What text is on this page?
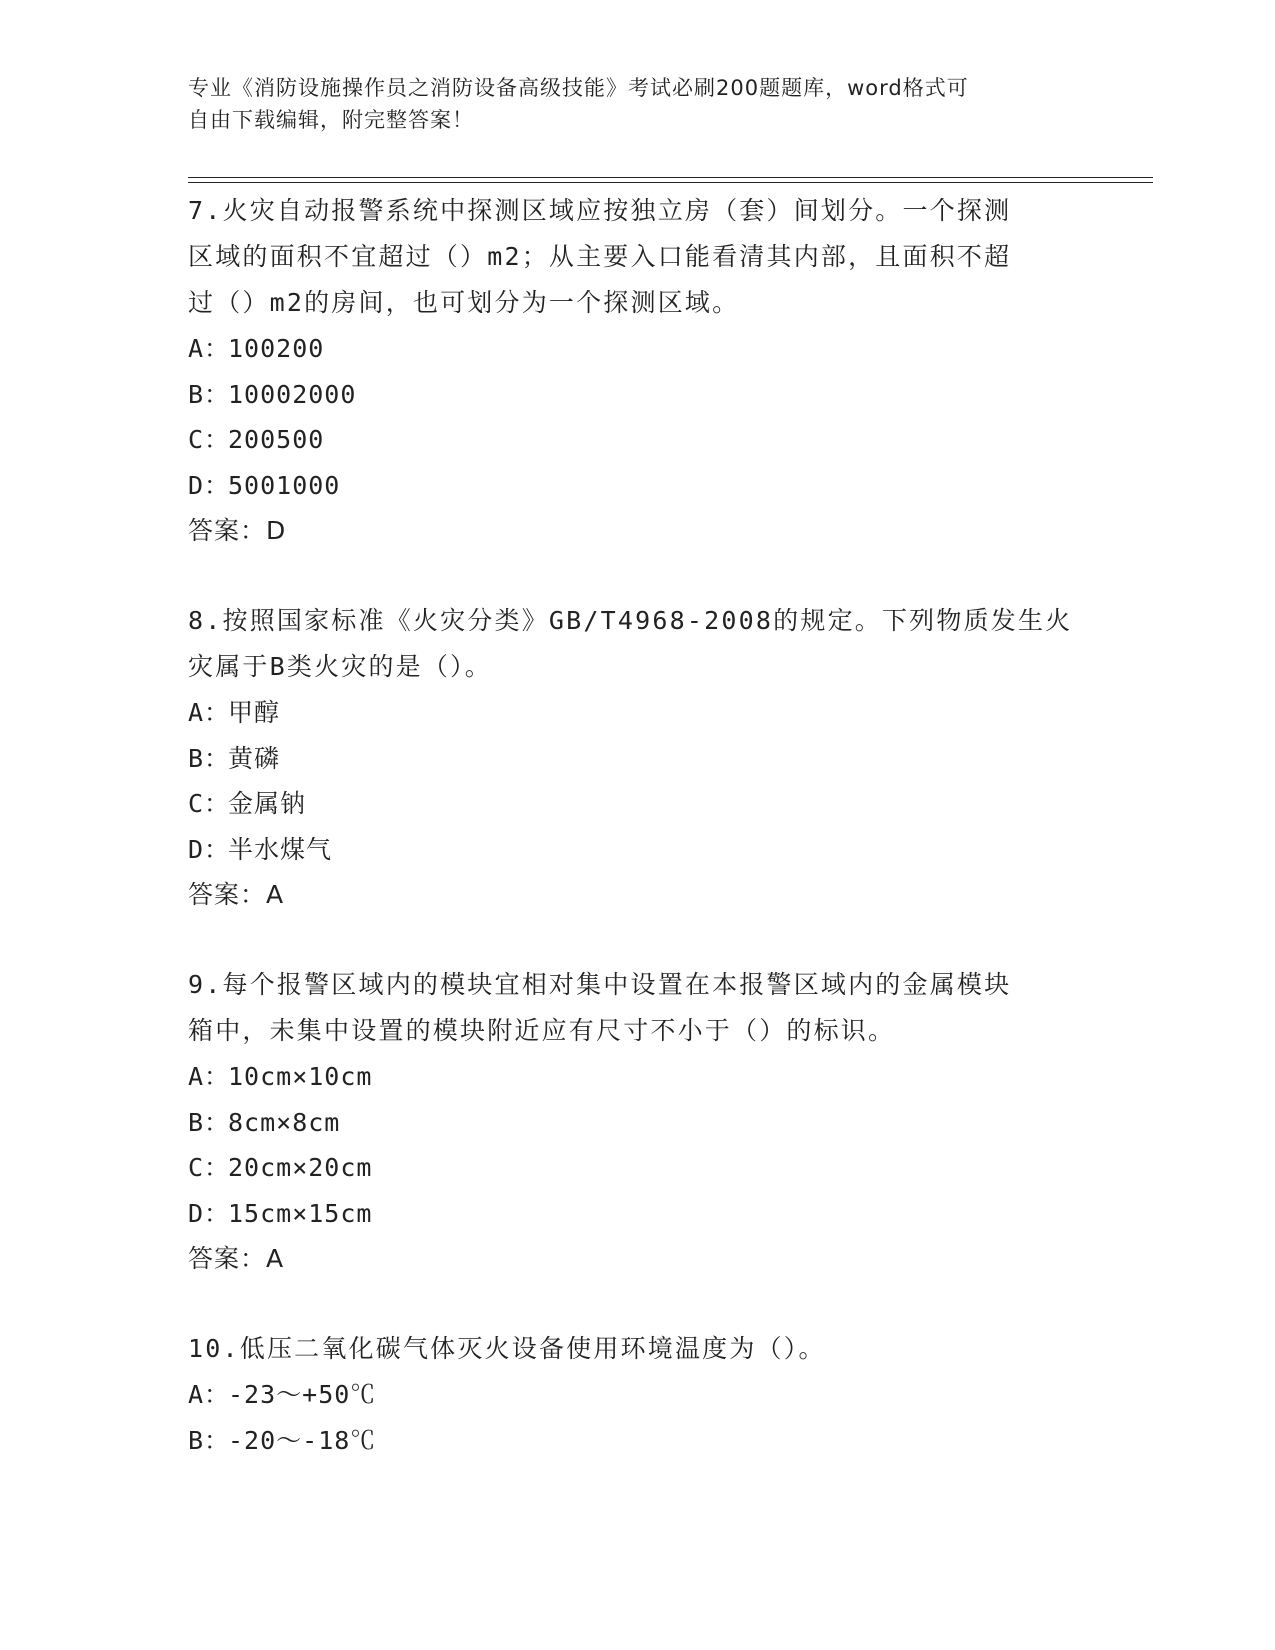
专业《消防设施操作员之消防设备高级技能》考试必刷200题题库，word格式可
自由下载编辑，附完整答案！
7.火灾自动报警系统中探测区域应按独立房（套）间划分。一个探测
区域的面积不宜超过（）m2；从主要入口能看清其内部，且面积不超
过（）m2的房间，也可划分为一个探测区域。
A：100200
B：10002000
C：200500
D：5001000
答案：D
8.按照国家标准《火灾分类》GB/T4968-2008的规定。下列物质发生火
灾属于B类火灾的是（）。
A：甲醇
B：黄磷
C：金属钠
D：半水煤气
答案：A
9.每个报警区域内的模块宜相对集中设置在本报警区域内的金属模块
箱中，未集中设置的模块附近应有尺寸不小于（）的标识。
A：10cm×10cm
B：8cm×8cm
C：20cm×20cm
D：15cm×15cm
答案：A
10.低压二氧化碳气体灭火设备使用环境温度为（）。
A：-23～+50℃
B：-20～-18℃
